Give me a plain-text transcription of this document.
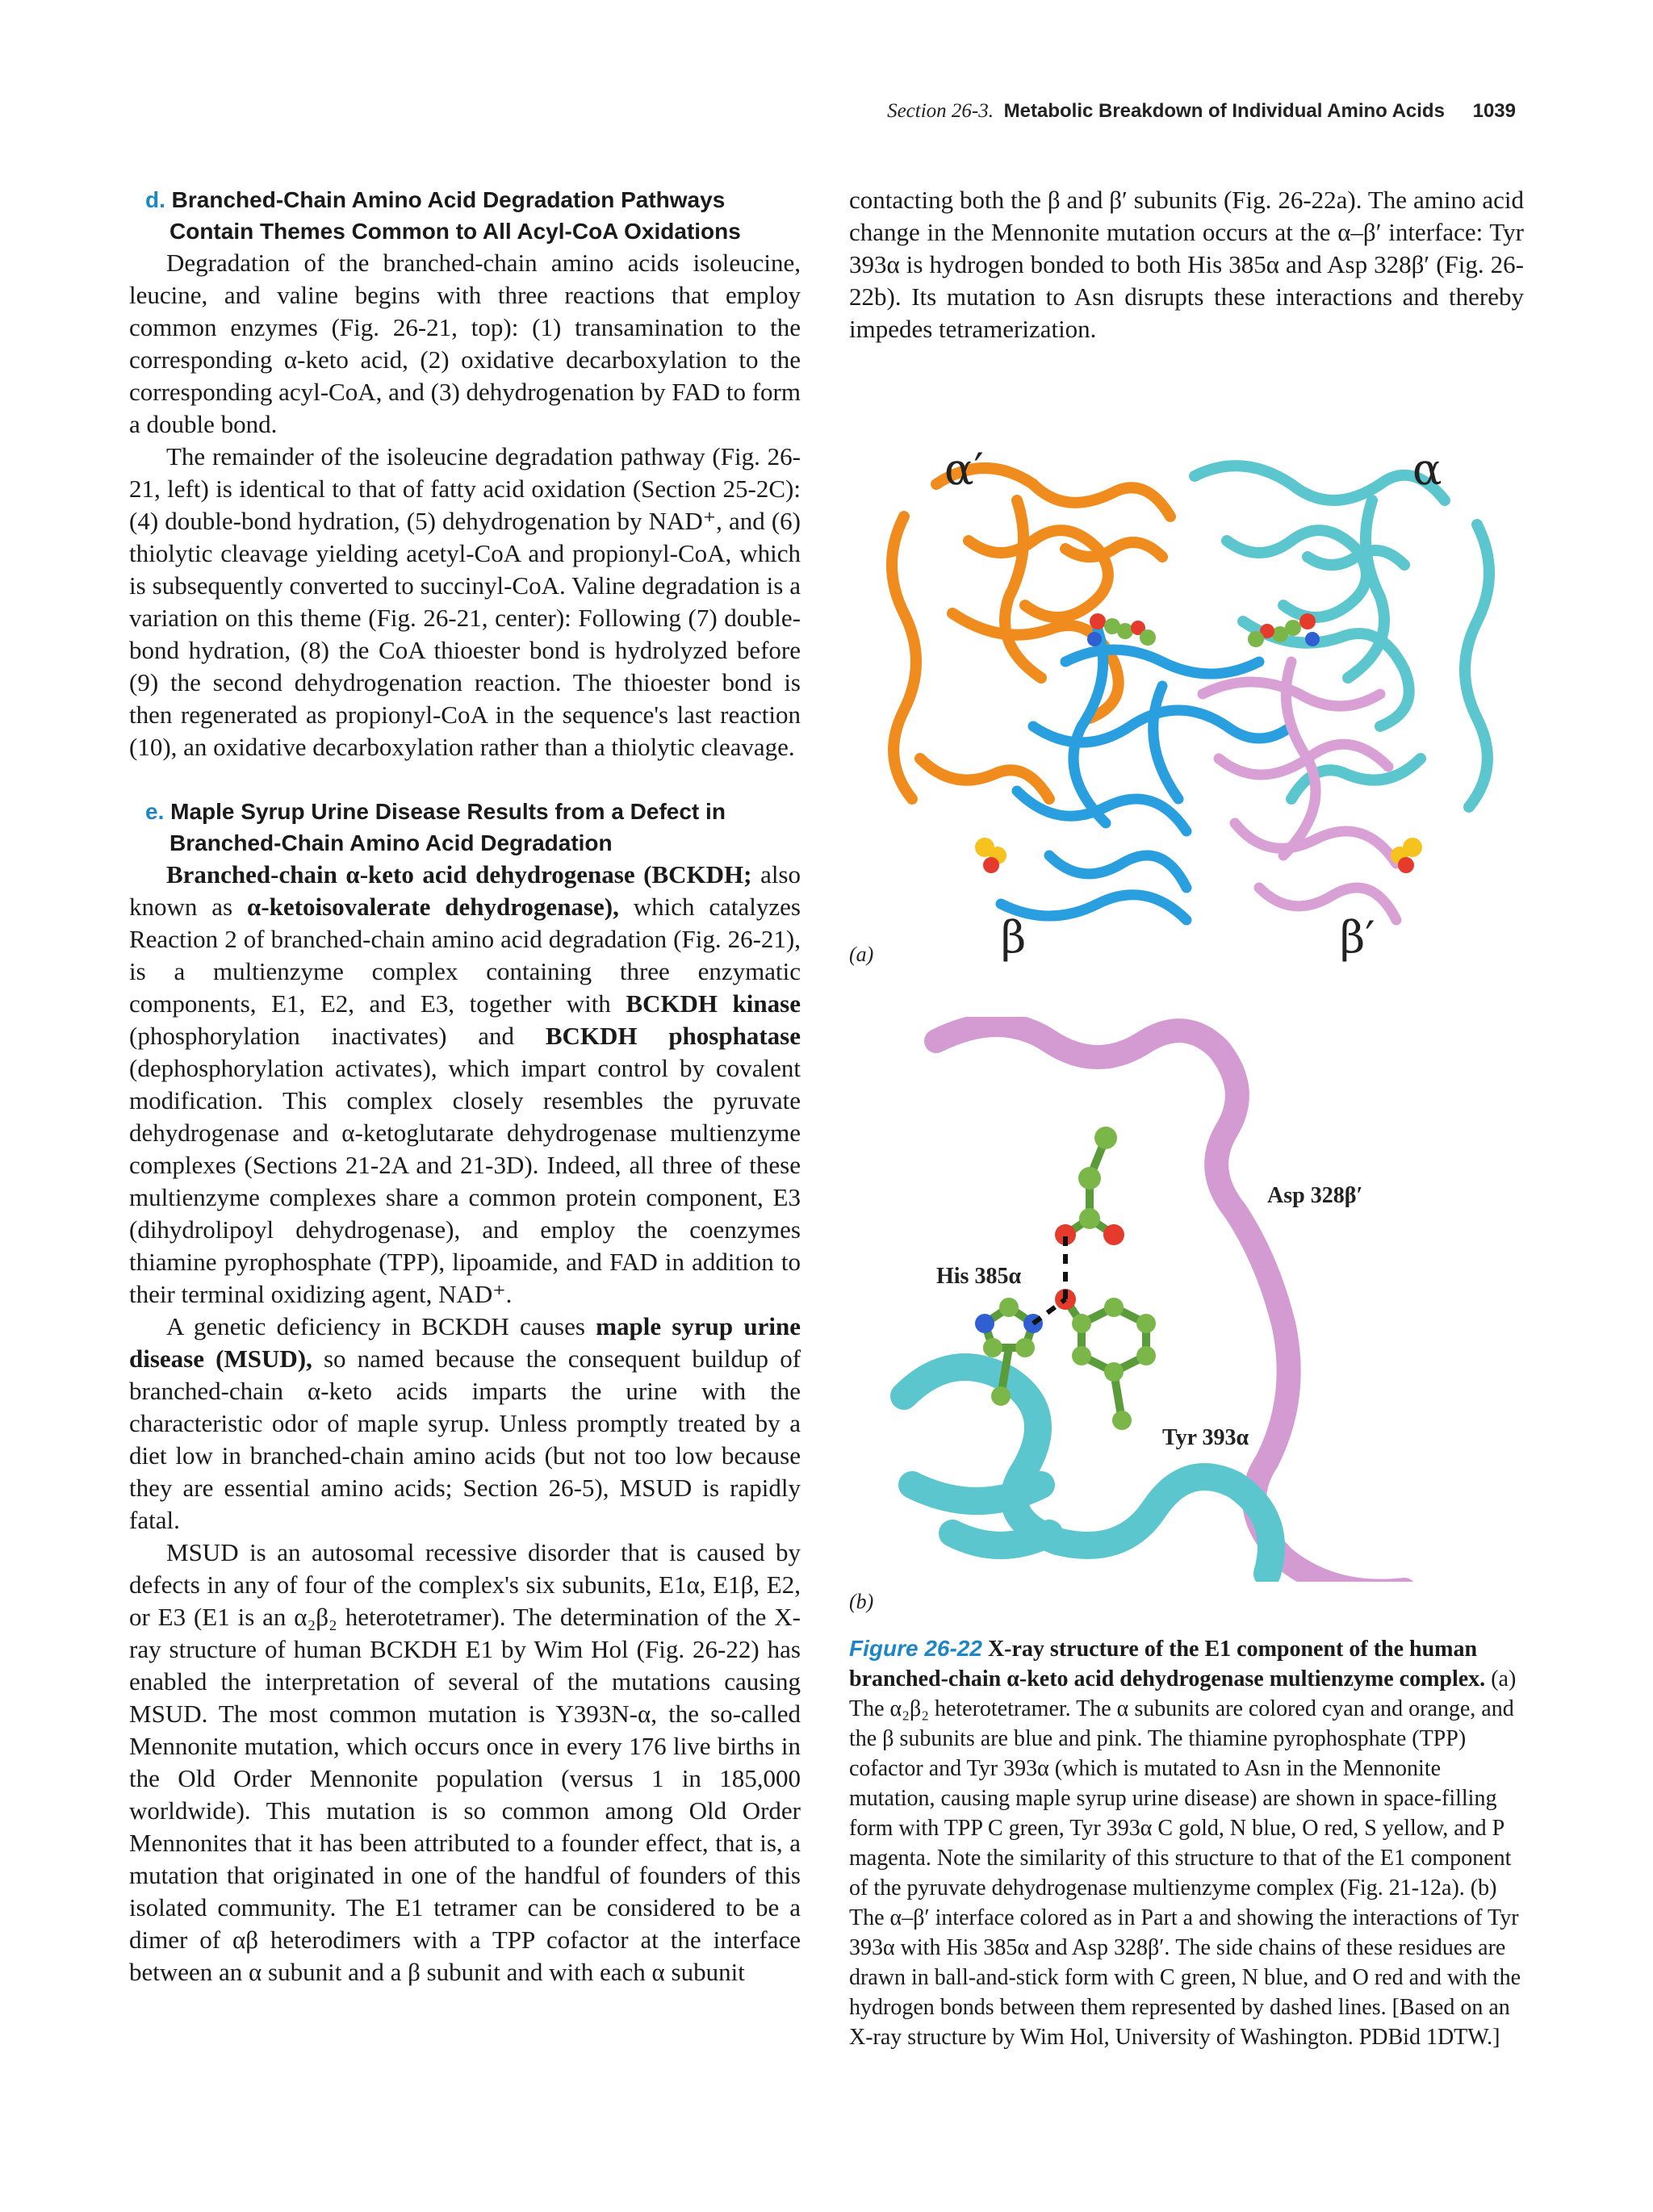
Section 26-3. Metabolic Breakdown of Individual Amino Acids 1039
d. Branched-Chain Amino Acid Degradation Pathways Contain Themes Common to All Acyl-CoA Oxidations

Degradation of the branched-chain amino acids isoleucine, leucine, and valine begins with three reactions that employ common enzymes (Fig. 26-21, top): (1) transamination to the corresponding α-keto acid, (2) oxidative decarboxylation to the corresponding acyl-CoA, and (3) dehydrogenation by FAD to form a double bond.

The remainder of the isoleucine degradation pathway (Fig. 26-21, left) is identical to that of fatty acid oxidation (Section 25-2C): (4) double-bond hydration, (5) dehydrogenation by NAD⁺, and (6) thiolytic cleavage yielding acetyl-CoA and propionyl-CoA, which is subsequently converted to succinyl-CoA. Valine degradation is a variation on this theme (Fig. 26-21, center): Following (7) double-bond hydration, (8) the CoA thioester bond is hydrolyzed before (9) the second dehydrogenation reaction. The thioester bond is then regenerated as propionyl-CoA in the sequence's last reaction (10), an oxidative decarboxylation rather than a thiolytic cleavage.

e. Maple Syrup Urine Disease Results from a Defect in Branched-Chain Amino Acid Degradation

Branched-chain α-keto acid dehydrogenase (BCKDH; also known as α-ketoisovalerate dehydrogenase), which catalyzes Reaction 2 of branched-chain amino acid degradation (Fig. 26-21), is a multienzyme complex containing three enzymatic components, E1, E2, and E3, together with BCKDH kinase (phosphorylation inactivates) and BCKDH phosphatase (dephosphorylation activates), which impart control by covalent modification. This complex closely resembles the pyruvate dehydrogenase and α-ketoglutarate dehydrogenase multienzyme complexes (Sections 21-2A and 21-3D). Indeed, all three of these multienzyme complexes share a common protein component, E3 (dihydrolipoyl dehydrogenase), and employ the coenzymes thiamine pyrophosphate (TPP), lipoamide, and FAD in addition to their terminal oxidizing agent, NAD⁺.

A genetic deficiency in BCKDH causes maple syrup urine disease (MSUD), so named because the consequent buildup of branched-chain α-keto acids imparts the urine with the characteristic odor of maple syrup. Unless promptly treated by a diet low in branched-chain amino acids (but not too low because they are essential amino acids; Section 26-5), MSUD is rapidly fatal.

MSUD is an autosomal recessive disorder that is caused by defects in any of four of the complex's six subunits, E1α, E1β, E2, or E3 (E1 is an α₂β₂ heterotetramer). The determination of the X-ray structure of human BCKDH E1 by Wim Hol (Fig. 26-22) has enabled the interpretation of several of the mutations causing MSUD. The most common mutation is Y393N-α, the so-called Mennonite mutation, which occurs once in every 176 live births in the Old Order Mennonite population (versus 1 in 185,000 worldwide). This mutation is so common among Old Order Mennonites that it has been attributed to a founder effect, that is, a mutation that originated in one of the handful of founders of this isolated community. The E1 tetramer can be considered to be a dimer of αβ heterodimers with a TPP cofactor at the interface between an α subunit and a β subunit and with each α subunit

contacting both the β and β′ subunits (Fig. 26-22a). The amino acid change in the Mennonite mutation occurs at the α–β′ interface: Tyr 393α is hydrogen bonded to both His 385α and Asp 328β′ (Fig. 26-22b). Its mutation to Asn disrupts these interactions and thereby impedes tetramerization.

α′	α
β	β′
(a)
Asp 328β′
His 385α
Tyr 393α
(b)
Figure 26-22 X-ray structure of the E1 component of the human branched-chain α-keto acid dehydrogenase multienzyme complex. (a) The α₂β₂ heterotetramer. The α subunits are colored cyan and orange, and the β subunits are blue and pink. The thiamine pyrophosphate (TPP) cofactor and Tyr 393α (which is mutated to Asn in the Mennonite mutation, causing maple syrup urine disease) are shown in space-filling form with TPP C green, Tyr 393α C gold, N blue, O red, S yellow, and P magenta. Note the similarity of this structure to that of the E1 component of the pyruvate dehydrogenase multienzyme complex (Fig. 21-12a). (b) The α–β′ interface colored as in Part a and showing the interactions of Tyr 393α with His 385α and Asp 328β′. The side chains of these residues are drawn in ball-and-stick form with C green, N blue, and O red and with the hydrogen bonds between them represented by dashed lines. [Based on an X-ray structure by Wim Hol, University of Washington. PDBid 1DTW.]
